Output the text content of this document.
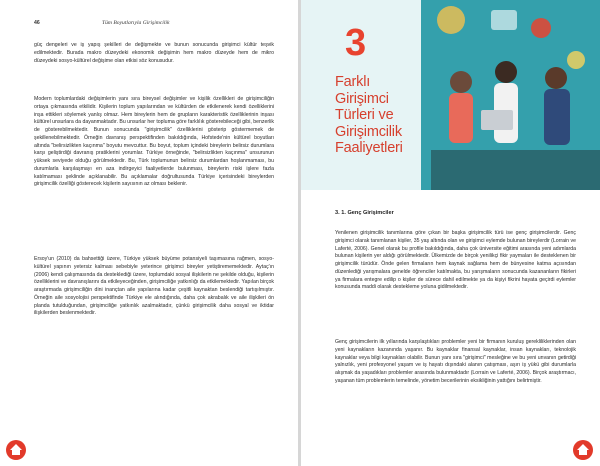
46	Tüm Boyutlarıyla Girişimcilik

güç dengeleri ve iş yapış şekilleri de değişmekte ve bunun sonucunda girişimci kültür teşvik edilmektedir. Burada makro düzeydeki ekonomik değişimin hem makro düzeyde hem de mikro düzeydeki sosyo-kültürel değişime olan etkisi söz konusudur.

Modern toplumlardaki değişimlerin yanı sıra bireysel değişimler ve kişilik özellikleri de girişimciliğin ortaya çıkmasında etkilidir. Kişilerin toplum yapılarından ve kültürden de etkilenerek kendi özelliklerini inşa ettikleri söylemek yanlış olmaz. Hem bireylerin hem de grupların karakteristik özelliklerinin inşası kültürel unsurlara da dayanmaktadır. Bu unsurlar her topluma göre farklılık gösterebileceği gibi, benzerlik de gösterebilmektedir. Bunun sonucunda "girişimcilik" özelliklerini gösterip göstermemek de şekillenebilmektedir. Örneğin davranış perspektifinden bakıldığında, Hofstede'nin kültürel boyutları altında "belirsizlikten kaçınma" boyutu mevcuttur. Bu boyut, toplum içindeki bireylerin belirsiz durumlara karşı geliştirdiği davranış pratiklerini yorumlar. Türkiye örneğinde, "belirsizlikten kaçınma" unsurunun yüksek seviyede olduğu görülmektedir. Bu, Türk toplumunun belirsiz durumlardan hoşlanmaması, bu durumlarla karşılaşmayı en aza indirgeyici faaliyetlerde bulunması, bireylerin riski işlere fazla katılmaması şeklinde açıklanabilir. Bu açıklamalar doğrultusunda Türkiye içerisindeki bireylerden girişimcilik özelliği gösterecek kişilerin sayısının az olması beklenir.

Ersoy'un (2010) da bahsettiği üzere, Türkiye yüksek büyüme potansiyeli taşımasına rağmen, sosyo-kültürel yapının yetersiz kalması sebebiyle yeterince girişimci bireyler yetiştirememektedir. Aytaç'ın (2006) kendi çalışmasında da desteklediği üzere, toplumdaki sosyal ilişkilerin ne şekilde olduğu, kişilerin özelliklerini ve davranışlarını da etkileyeceğinden, girişimciliğe yatkınlığı da etkilemektedir. Yapılan birçok araştırmada girişimciliğin dini inançtan aile yapılarına kadar çeşitli kaynaktan beslendiği tartışılmıştır. Örneğin aile sosyolojisi perspektifinde Türkiye ele alındığında, daha çok akrabalık ve aile ilişkileri ön planda tutulduğundan, girişimciliğe yatkınlık azalmaktadır, çünkü girişimcilik daha sosyal ve iktidar ilişkilerden beslenmektedir.

3
Farklı Girişimci Türleri ve Girişimcilik Faaliyetleri
3. 1. Genç Girişimciler

Yenilenen girişimcilik tanımlarına göre çıkan bir başka girişimcilik türü ise genç girişimcilerdir. Genç girişimci olarak tanımlanan kişiler, 35 yaş altında olan ve girişimci eylemde bulunan bireylerdir (Lorrain ve Laferté, 2006). Genel olarak bu profile bakıldığında, daha çok üniversite eğitimi arasında yeni adımlarda bulunan kişilerin yer aldığı görülmektedir. Ülkemizde de birçok yenilikçi fikir yaymaları ile desteklenen bir girişimcilik türüdür. Önde gelen firmaların hem kaynak sağlama hem de bünyesine katma açısından düzenlediği yarışmalara genelde öğrenciler katılmakta, bu yarışmaların sonucunda kazananların fikirleri ya firmalara entegre edilip o kişiler de sürece dahil edilmekte ya da kişiyi fikrini hayata geçirdi eylemler konusunda maddi olarak destekleme yoluna gidilmektedir.

Genç girişimcilerin ilk yıllarında karşılaştıkları problemler yeni bir firmanın kuruluş gerekliliklerinden olan yeni kaynakların kazanında yaşanır. Bu kaynaklar finansal kaynaklar, insan kaynakları, teknolojik kaynaklar veya bilgi kaynakları olabilir. Bunun yanı sıra "girişimci" mesleğine ve bu yeni unvanın getirdiği yalnızlık, yeni profesyonel yaşam ve iş hayatı dışındaki alanın çatışması, aşırı iş yükü gibi durumlarla alışmak da yaşadıkları problemler arasında bulunmaktadır (Lorrain ve Laferté, 2006). Birçok araştırmacı, yaşanan tüm problemlerin temelinde, yönetim becerilerinin eksikliğinin yattığını belirtmiştir.
